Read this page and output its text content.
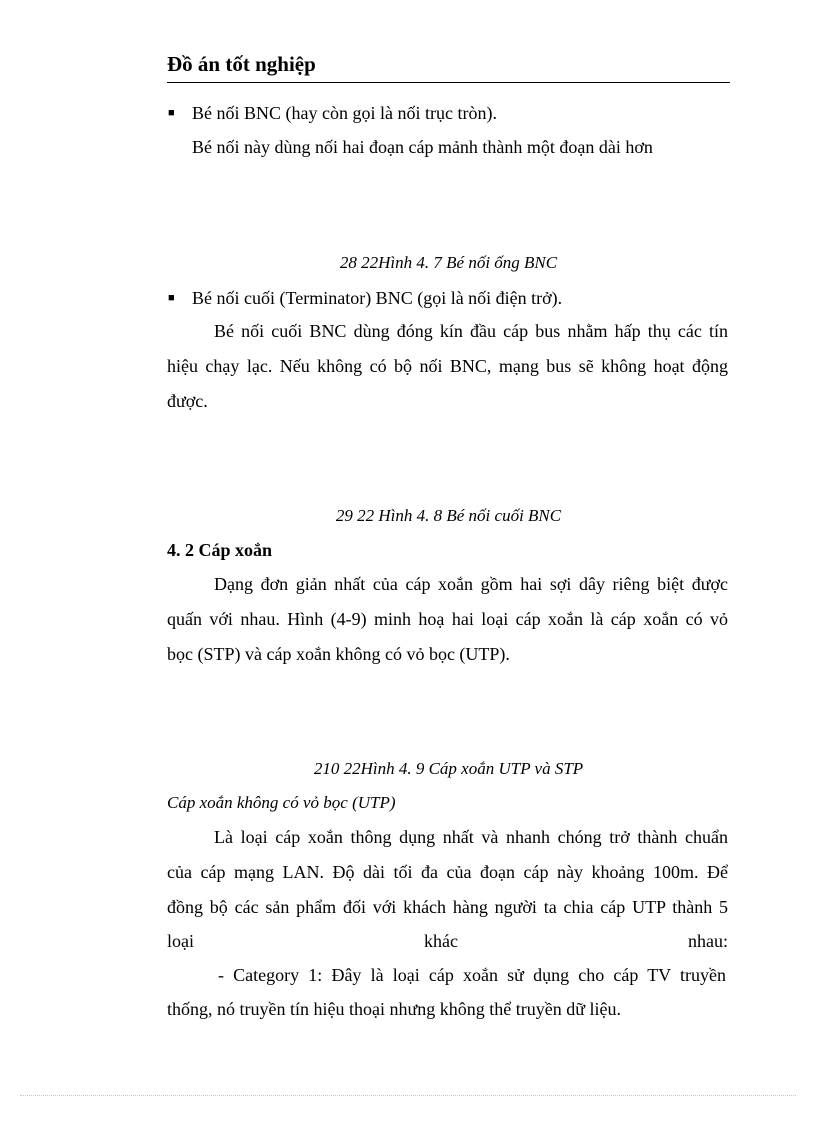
Đồ án tốt nghiệp
■ Bé nối BNC (hay còn gọi là nối trục tròn).
Bé nối này dùng nối hai đoạn cáp mảnh thành một đoạn dài hơn
28 22Hình 4. 7 Bé nối ống BNC
■ Bé nối cuối (Terminator) BNC (gọi là nối điện trở).
Bé nối cuối BNC dùng đóng kín đầu cáp bus nhằm hấp thụ các tín
hiệu chạy lạc. Nếu không có bộ nối BNC, mạng bus sẽ không hoạt động
được.
29 22 Hình 4. 8 Bé nối cuối BNC
4. 2 Cáp xoắn
Dạng đơn giản nhất của cáp xoắn gồm hai sợi dây riêng biệt được
quấn với nhau. Hình (4-9) minh hoạ hai loại cáp xoắn là cáp xoắn có vỏ
bọc (STP) và cáp xoắn không có vỏ bọc (UTP).
210 22Hình 4. 9 Cáp xoắn UTP và STP
Cáp xoắn không có vỏ bọc (UTP)
Là loại cáp xoắn thông dụng nhất và nhanh chóng trở thành chuẩn
của cáp mạng LAN. Độ dài tối đa của đoạn cáp này khoảng 100m. Để
đồng bộ các sản phẩm đối với khách hàng người ta chia cáp UTP thành 5
loại khác nhau:
- Category 1: Đây là loại cáp xoắn sử dụng cho cáp TV truyền
thống, nó truyền tín hiệu thoại nhưng không thể truyền dữ liệu.
